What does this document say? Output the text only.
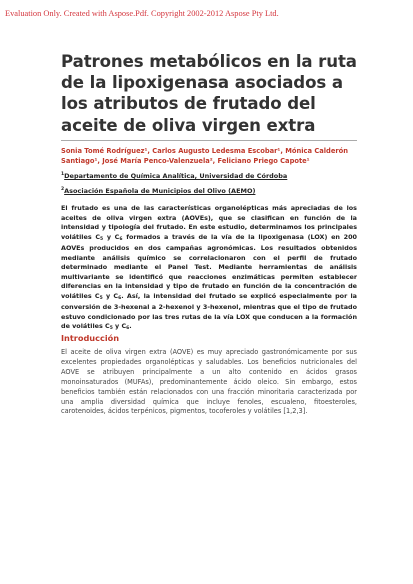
Evaluation Only. Created with Aspose.Pdf. Copyright 2002-2012 Aspose Pty Ltd.
Patrones metabólicos en la ruta de la lipoxigenasa asociados a los atributos de frutado del aceite de oliva virgen extra
Sonia Tomé Rodríguez¹, Carlos Augusto Ledesma Escobar¹, Mónica Calderón
Santiago¹, José María Penco-Valenzuela², Feliciano Priego Capote¹
$^1$Departamento de Química Analítica, Universidad de Córdoba
$^2$Asociación Española de Municipios del Olivo (AEMO)
El frutado es una de las características organolépticas más apreciadas de los aceites de oliva virgen extra (AOVEs), que se clasifican en función de la intensidad y tipología del frutado. En este estudio, determinamos los principales volátiles $C_5$ y $C_6$ formados a través de la vía de la lipoxigenasa (LOX) en 200 AOVEs producidos en dos campañas agronómicas. Los resultados obtenidos mediante análisis químico se correlacionaron con el perfil de frutado determinado mediante el Panel Test. Mediante herramientas de análisis multivariante se identificó que reacciones enzimáticas permiten establecer diferencias en la intensidad y tipo de frutado en función de la concentración de volátiles $C_5$ y $C_6$. Así, la intensidad del frutado se explicó especialmente por la conversión de 3-hexenal a 2-hexenol y 3-hexenol, mientras que el tipo de frutado estuvo condicionado por las tres rutas de la vía LOX que conducen a la formación de volátiles $C_5$ y $C_6$.
Introducción
El aceite de oliva virgen extra (AOVE) es muy apreciado gastronómicamente por sus excelentes propiedades organolépticas y saludables. Los beneficios nutricionales del AOVE se atribuyen principalmente a un alto contenido en ácidos grasos monoinsaturados (MUFAs), predominantemente ácido oleico. Sin embargo, estos beneficios también están relacionados con una fracción minoritaria caracterizada por una amplia diversidad química que incluye fenoles, escualeno, fitoesteroles, carotenoides, ácidos terpénicos, pigmentos, tocoferoles y volátiles [1,2,3].
